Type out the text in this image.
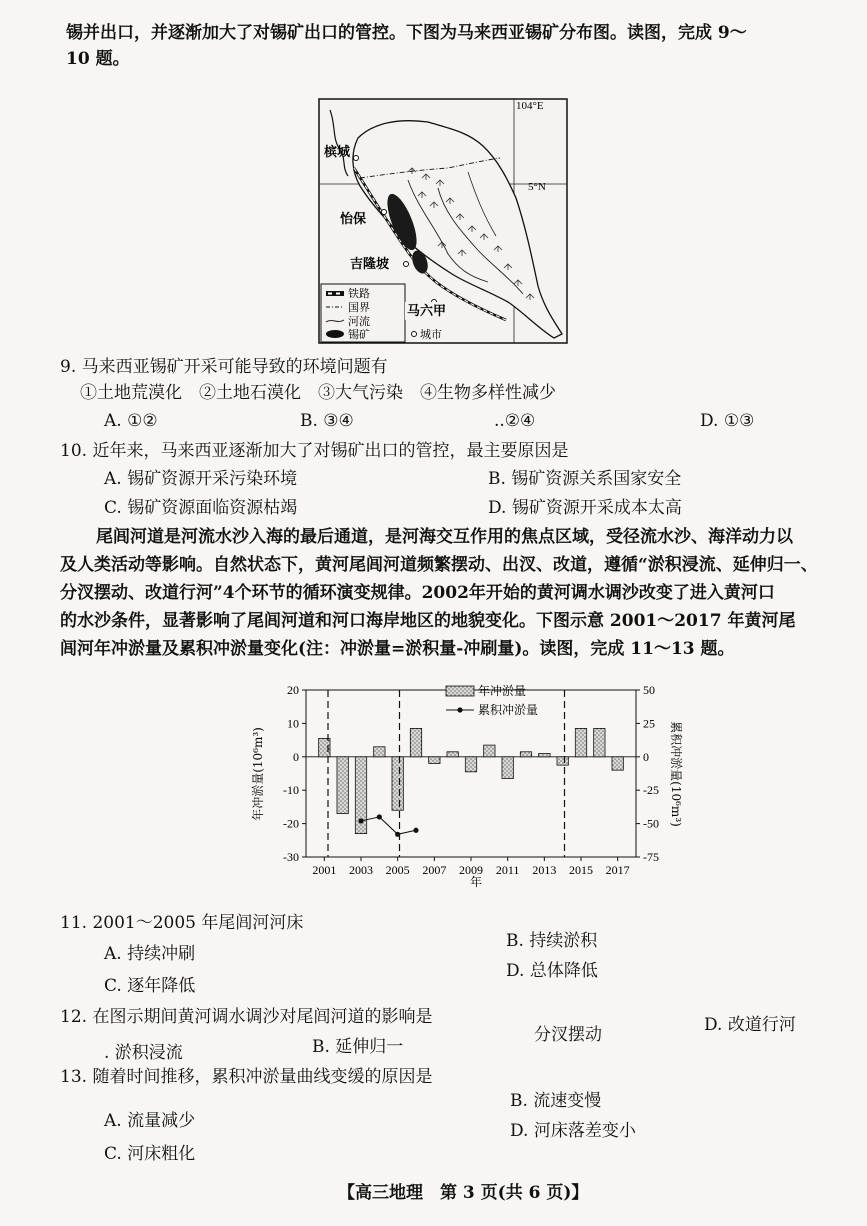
锡并出口，并逐渐加大了对锡矿出口的管控。下图为马来西亚锡矿分布图。读图，完成 9～
10 题。
104°E
5°N
槟城
怡保
吉隆坡
马六甲
铁路
国界
河流
锡矿	城市
9. 马来西亚锡矿开采可能导致的环境问题有
①土地荒漠化　②土地石漠化　③大气污染　④生物多样性减少
A. ①②	B. ③④	..②④	D. ①③
10. 近年来，马来西亚逐渐加大了对锡矿出口的管控，最主要原因是
A. 锡矿资源开采污染环境	B. 锡矿资源关系国家安全
C. 锡矿资源面临资源枯竭	D. 锡矿资源开采成本太高
尾闾河道是河流水沙入海的最后通道，是河海交互作用的焦点区域，受径流水沙、海洋动力以
及人类活动等影响。自然状态下，黄河尾闾河道频繁摆动、出汊、改道，遵循“淤积浸流、延伸归一、
分汊摆动、改道行河”4个环节的循环演变规律。2002年开始的黄河调水调沙改变了进入黄河口
的水沙条件，显著影响了尾闾河道和河口海岸地区的地貌变化。下图示意 2001～2017 年黄河尾
闾河年冲淤量及累积冲淤量变化(注：冲淤量=淤积量-冲刷量)。读图，完成 11～13 题。
20
10
0
-10
-20
-30
50
25
0
-25
-50
-75
2001 2003 2005 2007 2009 2011 2013 2015 2017
年冲淤量(10⁶m³)	累积冲淤量(10⁶m³)
年
年冲淤量
累积冲淤量
11. 2001～2005 年尾闾河河床
A. 持续冲刷
B. 持续淤积
C. 逐年降低
D. 总体降低
12. 在图示期间黄河调水调沙对尾闾河道的影响是
. 淤积浸流	B. 延伸归一
分汊摆动	D. 改道行河
13. 随着时间推移，累积冲淤量曲线变缓的原因是
A. 流量减少
B. 流速变慢
C. 河床粗化
D. 河床落差变小
【高三地理　第 3 页(共 6 页)】
